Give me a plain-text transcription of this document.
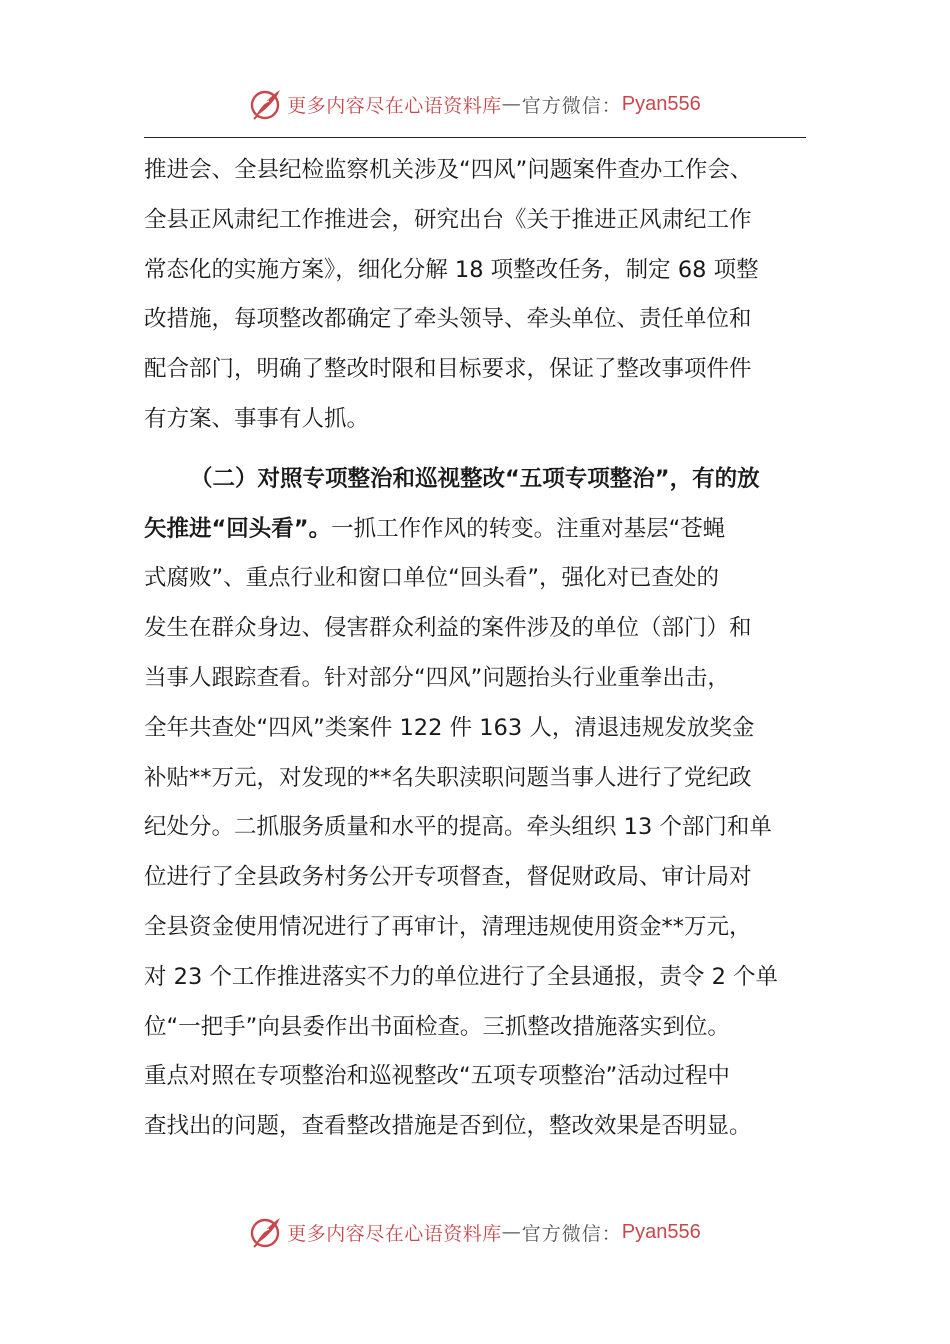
更多内容尽在心语资料库 — 官方微信： Pyan556
推进会、全县纪检监察机关涉及“四风”问题案件查办工作会、
全县正风肃纪工作推进会，研究出台《关于推进正风肃纪工作
常态化的实施方案》，细化分解 18 项整改任务，制定 68 项整
改措施，每项整改都确定了牵头领导、牵头单位、责任单位和
配合部门，明确了整改时限和目标要求，保证了整改事项件件
有方案、事事有人抓。
（二）对照专项整治和巡视整改“五项专项整治”，有的放
矢推进“回头看”。一抓工作作风的转变。注重对基层“苍蝇
式腐败”、重点行业和窗口单位“回头看”，强化对已查处的
发生在群众身边、侵害群众利益的案件涉及的单位（部门）和
当事人跟踪查看。针对部分“四风”问题抬头行业重拳出击，
全年共查处“四风”类案件 122 件 163 人，清退违规发放奖金
补贴**万元，对发现的**名失职渎职问题当事人进行了党纪政
纪处分。二抓服务质量和水平的提高。牵头组织 13 个部门和单
位进行了全县政务村务公开专项督查，督促财政局、审计局对
全县资金使用情况进行了再审计，清理违规使用资金**万元，
对 23 个工作推进落实不力的单位进行了全县通报，责令 2 个单
位“一把手”向县委作出书面检查。三抓整改措施落实到位。
重点对照在专项整治和巡视整改“五项专项整治”活动过程中
查找出的问题，查看整改措施是否到位，整改效果是否明显。
更多内容尽在心语资料库 — 官方微信： Pyan556
